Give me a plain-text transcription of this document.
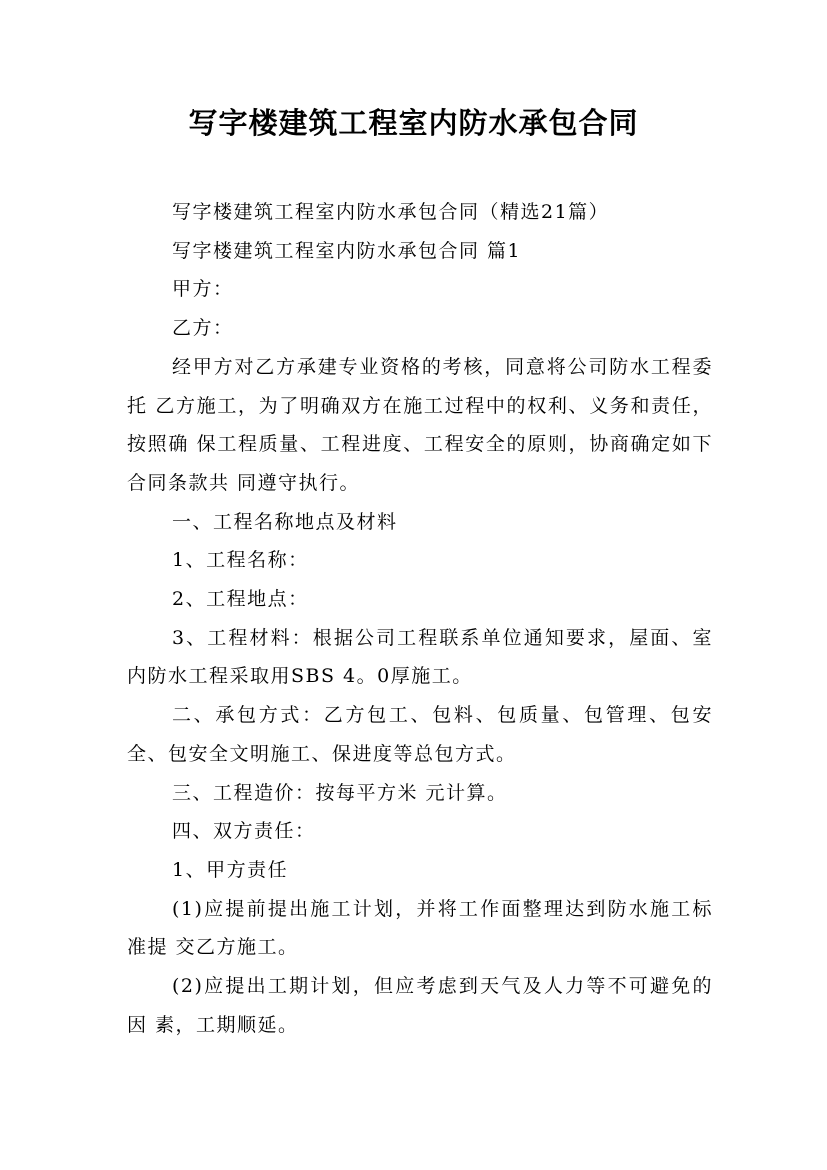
写字楼建筑工程室内防水承包合同

写字楼建筑工程室内防水承包合同（精选21篇）

写字楼建筑工程室内防水承包合同 篇1

甲方：

乙方：

经甲方对乙方承建专业资格的考核，同意将公司防水工程委托 乙方施工，为了明确双方在施工过程中的权利、义务和责任，按照确 保工程质量、工程进度、工程安全的原则，协商确定如下合同条款共 同遵守执行。

一、工程名称地点及材料

1、工程名称：

2、工程地点：

3、工程材料：根据公司工程联系单位通知要求，屋面、室内防水工程采取用SBS 4。0厚施工。

二、承包方式：乙方包工、包料、包质量、包管理、包安全、包安全文明施工、保进度等总包方式。

三、工程造价：按每平方米 元计算。

四、双方责任：

1、甲方责任

(1)应提前提出施工计划，并将工作面整理达到防水施工标准提 交乙方施工。

(2)应提出工期计划，但应考虑到天气及人力等不可避免的因 素，工期顺延。
